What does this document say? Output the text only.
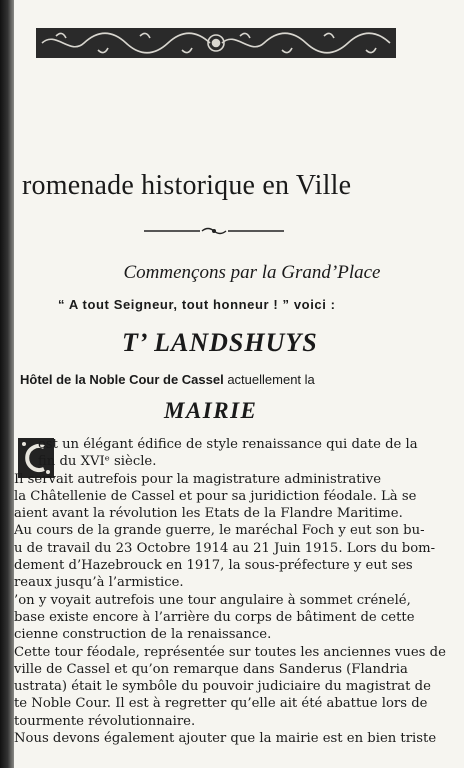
romenade historique en Ville
Commençons par la Grand’Place
“ A tout Seigneur, tout honneur ! ” voici :
T’ LANDSHUYS
Hôtel de la Noble Cour de Cassel actuellement la
MAIRIE
est un élégant édifice de style renaissance qui date de la
fin du XVIᵉ siècle.
Il servait autrefois pour la magistrature administrative
la Châtellenie de Cassel et pour sa juridiction féodale. Là se
aient avant la révolution les Etats de la Flandre Maritime.
Au cours de la grande guerre, le maréchal Foch y eut son bu-
u de travail du 23 Octobre 1914 au 21 Juin 1915. Lors du bom-
dement d’Hazebrouck en 1917, la sous-préfecture y eut ses
reaux jusqu’à l’armistice.
’on y voyait autrefois une tour angulaire à sommet crénelé,
base existe encore à l’arrière du corps de bâtiment de cette
cienne construction de la renaissance.
Cette tour féodale, représentée sur toutes les anciennes vues de
ville de Cassel et qu’on remarque dans Sanderus (Flandria
ustrata) était le symbôle du pouvoir judiciaire du magistrat de
te Noble Cour. Il est à regretter qu’elle ait été abattue lors de
tourmente révolutionnaire.
Nous devons également ajouter que la mairie est en bien triste
